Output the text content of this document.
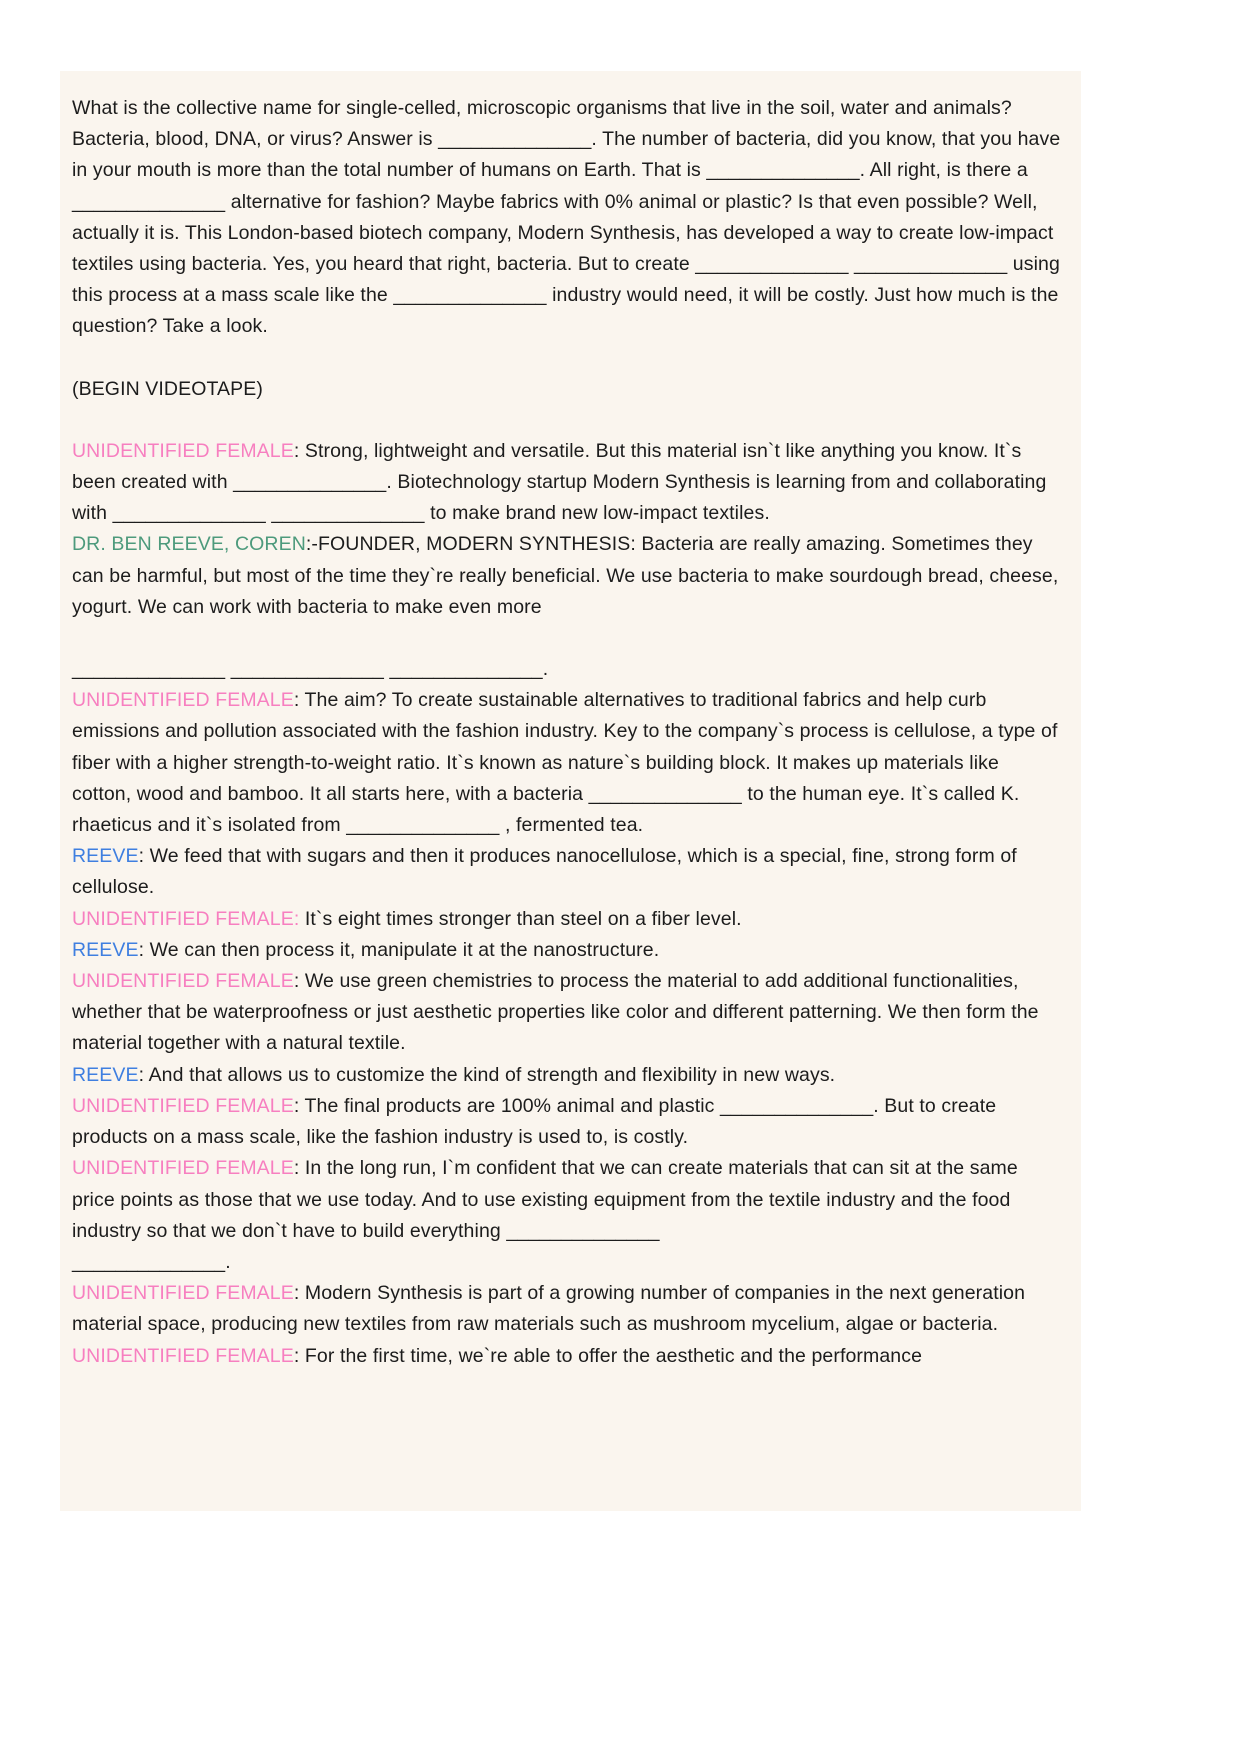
What is the collective name for single-celled, microscopic organisms that live in the soil, water and animals? Bacteria, blood, DNA, or virus? Answer is ______________. The number of bacteria, did you know, that you have in your mouth is more than the total number of humans on Earth. That is ______________. All right, is there a ______________ alternative for fashion? Maybe fabrics with 0% animal or plastic? Is that even possible? Well, actually it is. This London-based biotech company, Modern Synthesis, has developed a way to create low-impact textiles using bacteria. Yes, you heard that right, bacteria. But to create ______________ ______________ using this process at a mass scale like the ______________ industry would need, it will be costly. Just how much is the question? Take a look.
(BEGIN VIDEOTAPE)
UNIDENTIFIED FEMALE: Strong, lightweight and versatile. But this material isn`t like anything you know. It`s been created with ______________. Biotechnology startup Modern Synthesis is learning from and collaborating with ______________ ______________ to make brand new low-impact textiles.
DR. BEN REEVE, COREN:-FOUNDER, MODERN SYNTHESIS: Bacteria are really amazing. Sometimes they can be harmful, but most of the time they`re really beneficial. We use bacteria to make sourdough bread, cheese, yogurt. We can work with bacteria to make even more
______________ ______________ ______________.
UNIDENTIFIED FEMALE: The aim? To create sustainable alternatives to traditional fabrics and help curb emissions and pollution associated with the fashion industry. Key to the company`s process is cellulose, a type of fiber with a higher strength-to-weight ratio. It`s known as nature`s building block. It makes up materials like cotton, wood and bamboo. It all starts here, with a bacteria ______________ to the human eye. It`s called K. rhaeticus and it`s isolated from ______________ , fermented tea.
REEVE: We feed that with sugars and then it produces nanocellulose, which is a special, fine, strong form of cellulose.
UNIDENTIFIED FEMALE: It`s eight times stronger than steel on a fiber level.
REEVE: We can then process it, manipulate it at the nanostructure.
UNIDENTIFIED FEMALE: We use green chemistries to process the material to add additional functionalities, whether that be waterproofness or just aesthetic properties like color and different patterning. We then form the material together with a natural textile.
REEVE: And that allows us to customize the kind of strength and flexibility in new ways.
UNIDENTIFIED FEMALE: The final products are 100% animal and plastic ______________. But to create products on a mass scale, like the fashion industry is used to, is costly.
UNIDENTIFIED FEMALE: In the long run, I`m confident that we can create materials that can sit at the same price points as those that we use today. And to use existing equipment from the textile industry and the food industry so that we don`t have to build everything ______________
______________.
UNIDENTIFIED FEMALE: Modern Synthesis is part of a growing number of companies in the next generation material space, producing new textiles from raw materials such as mushroom mycelium, algae or bacteria.
UNIDENTIFIED FEMALE: For the first time, we`re able to offer the aesthetic and the performance
